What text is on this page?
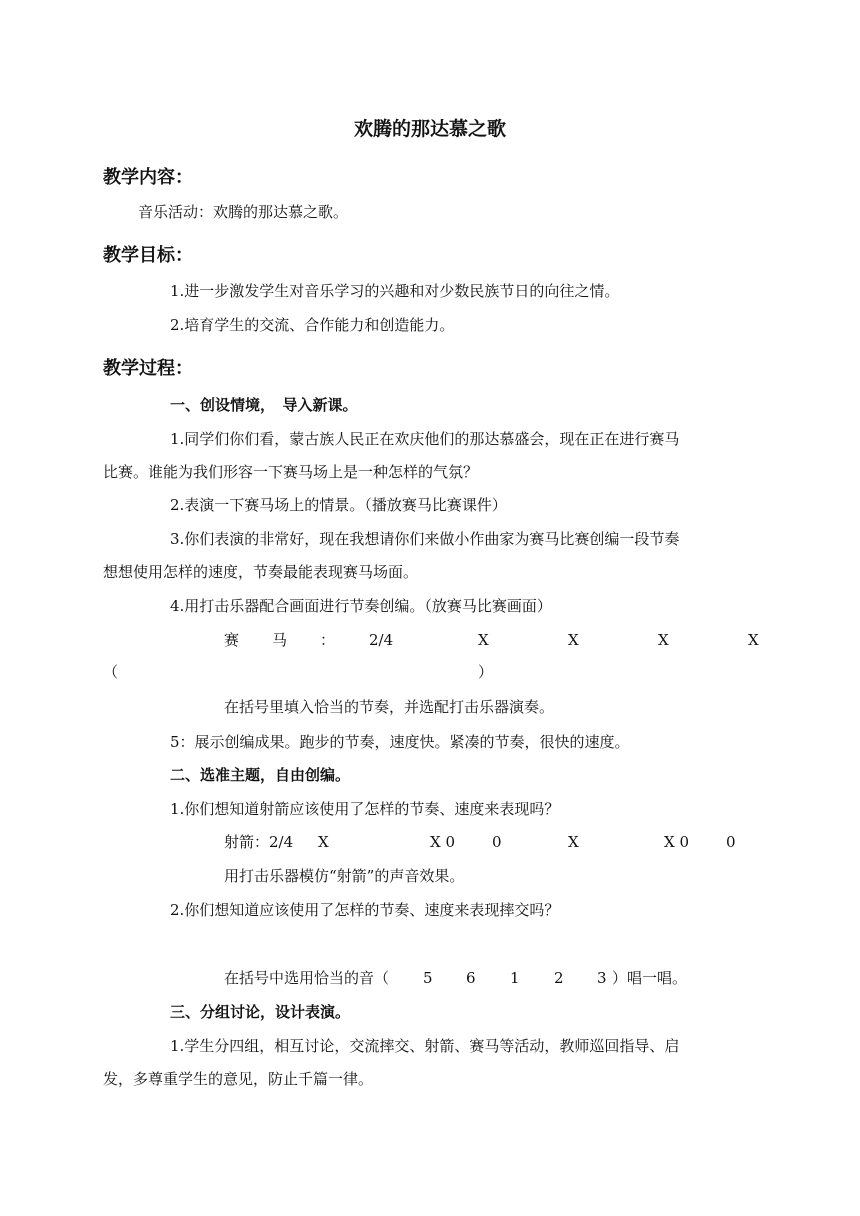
欢腾的那达慕之歌
教学内容：
音乐活动：欢腾的那达慕之歌。
教学目标：
1.进一步激发学生对音乐学习的兴趣和对少数民族节日的向往之情。
2.培育学生的交流、合作能力和创造能力。
教学过程：
一、创设情境，　导入新课。
1.同学们你们看，蒙古族人民正在欢庆他们的那达慕盛会，现在正在进行赛马
比赛。谁能为我们形容一下赛马场上是一种怎样的气氛？
2.表演一下赛马场上的情景。（播放赛马比赛课件）
3.你们表演的非常好，现在我想请你们来做小作曲家为赛马比赛创编一段节奏
想想使用怎样的速度，节奏最能表现赛马场面。
4.用打击乐器配合画面进行节奏创编。（放赛马比赛画面）
赛 马 ： 2/4	X	X	X	X
（	）
在括号里填入恰当的节奏，并选配打击乐器演奏。
5：展示创编成果。跑步的节奏，速度快。紧凑的节奏，很快的速度。
二、选准主题，自由创编。
1.你们想知道射箭应该使用了怎样的节奏、速度来表现吗？
射箭：2/4 X	X 0 0	X	X 0 0
用打击乐器模仿“射箭”的声音效果。
2.你们想知道应该使用了怎样的节奏、速度来表现摔交吗？
在括号中选用恰当的音（ 5 6 1 2 3 ）唱一唱。
三、分组讨论，设计表演。
1.学生分四组，相互讨论，交流摔交、射箭、赛马等活动，教师巡回指导、启
发，多尊重学生的意见，防止千篇一律。
